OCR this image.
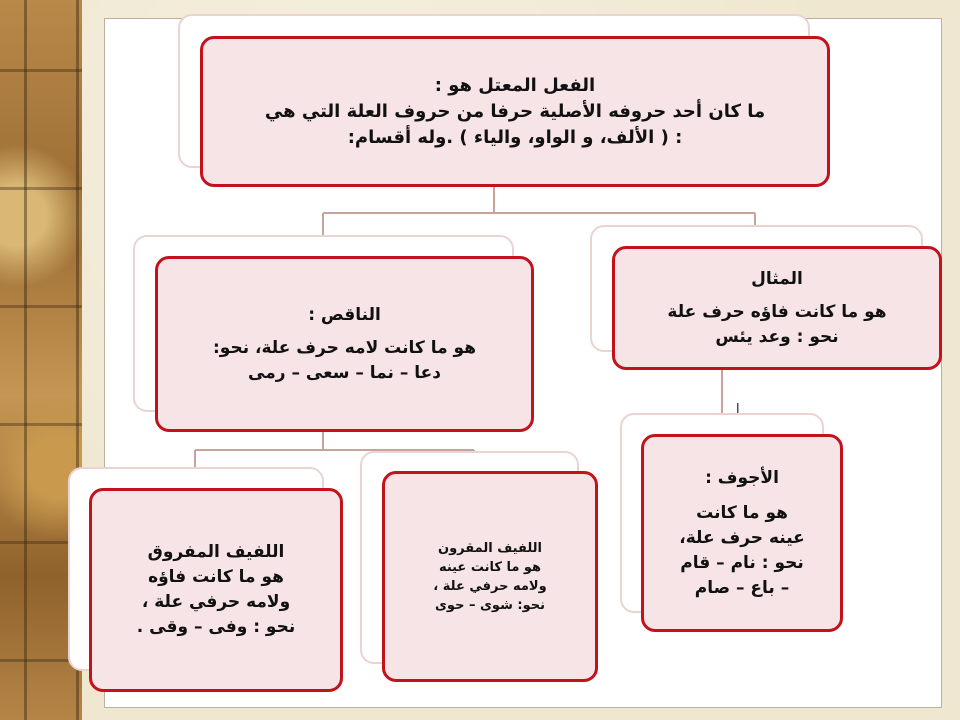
الفعل المعتل هو :
ما كان أحد حروفه الأصلية حرفا من حروف العلة التي هي
: ( الألف، و الواو، والياء ) .وله أقسام:
المثال
هو ما كانت فاؤه حرف علة
نحو : وعد يئس
الناقص :
هو ما كانت لامه حرف علة، نحو:
دعا – نما – سعى – رمى
ا
الأجوف :
هو ما كانت
عينه حرف علة،
نحو : نام – قام
– باع – صام
اللفيف المقرون
هو ما كانت عينه
ولامه حرفي علة ،
نحو: شوى – حوى
اللفيف المفروق
هو ما كانت فاؤه
ولامه حرفي علة ،
نحو : وفى – وقى .
